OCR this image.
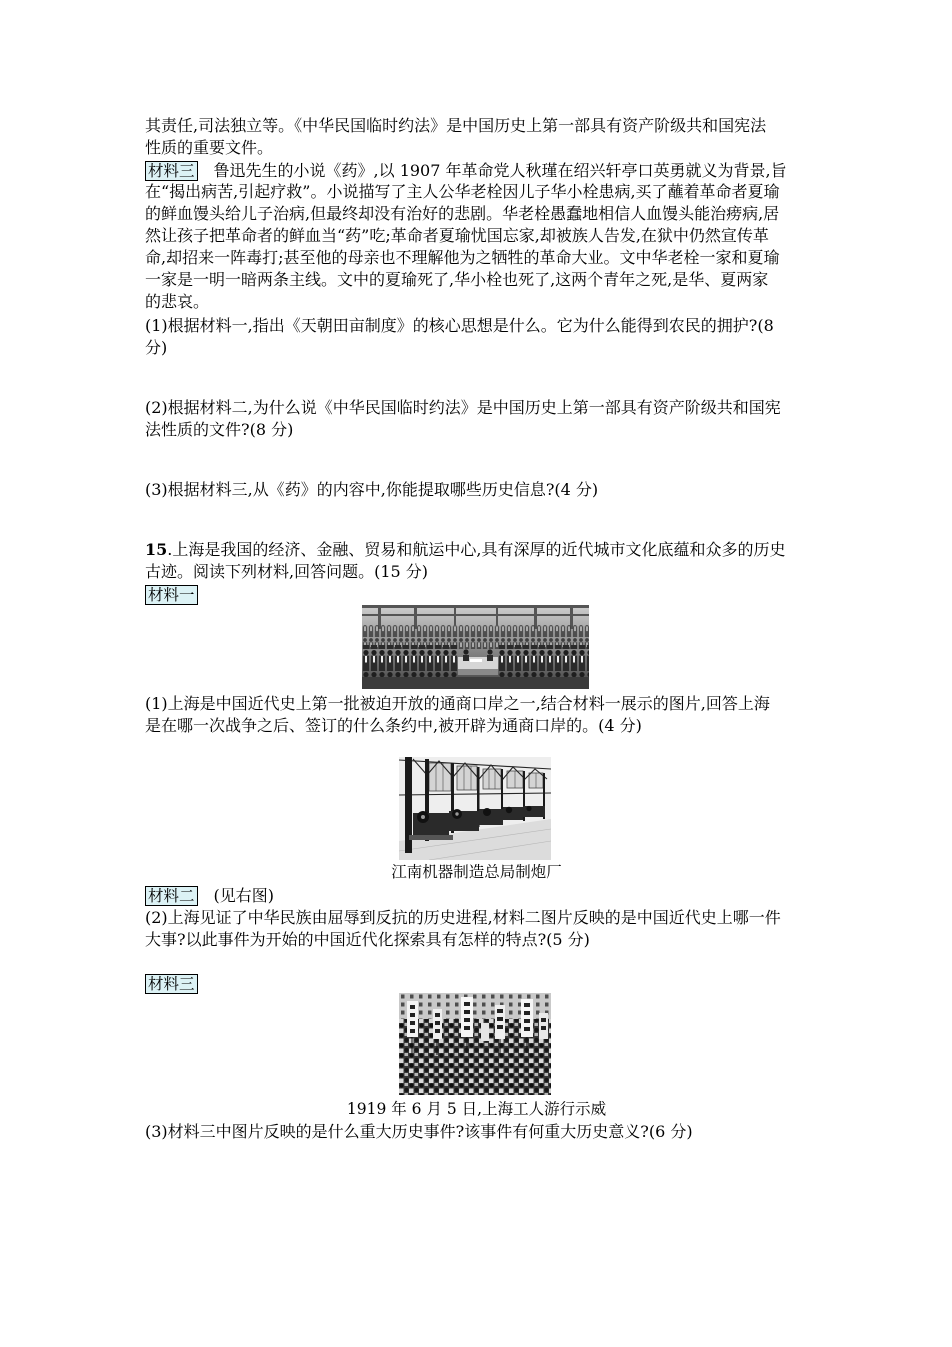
其责任,司法独立等。《中华民国临时约法》是中国历史上第一部具有资产阶级共和国宪法
性质的重要文件。
材料三 鲁迅先生的小说《药》,以 1907 年革命党人秋瑾在绍兴轩亭口英勇就义为背景,旨
在“揭出病苦,引起疗救”。小说描写了主人公华老栓因儿子华小栓患病,买了蘸着革命者夏瑜
的鲜血馒头给儿子治病,但最终却没有治好的悲剧。华老栓愚蠢地相信人血馒头能治痨病,居
然让孩子把革命者的鲜血当“药”吃;革命者夏瑜忧国忘家,却被族人告发,在狱中仍然宣传革
命,却招来一阵毒打;甚至他的母亲也不理解他为之牺牲的革命大业。文中华老栓一家和夏瑜
一家是一明一暗两条主线。文中的夏瑜死了,华小栓也死了,这两个青年之死,是华、夏两家
的悲哀。
(1)根据材料一,指出《天朝田亩制度》的核心思想是什么。它为什么能得到农民的拥护?(8
分)
(2)根据材料二,为什么说《中华民国临时约法》是中国历史上第一部具有资产阶级共和国宪
法性质的文件?(8 分)
(3)根据材料三,从《药》的内容中,你能提取哪些历史信息?(4 分)
15.上海是我国的经济、金融、贸易和航运中心,具有深厚的近代城市文化底蕴和众多的历史
古迹。阅读下列材料,回答问题。(15 分)
材料一
(1)上海是中国近代史上第一批被迫开放的通商口岸之一,结合材料一展示的图片,回答上海
是在哪一次战争之后、签订的什么条约中,被开辟为通商口岸的。(4 分)
江南机器制造总局制炮厂
材料二 (见右图)
(2)上海见证了中华民族由屈辱到反抗的历史进程,材料二图片反映的是中国近代史上哪一件
大事?以此事件为开始的中国近代化探索具有怎样的特点?(5 分)
材料三
1919 年 6 月 5 日,上海工人游行示威
(3)材料三中图片反映的是什么重大历史事件?该事件有何重大历史意义?(6 分)
